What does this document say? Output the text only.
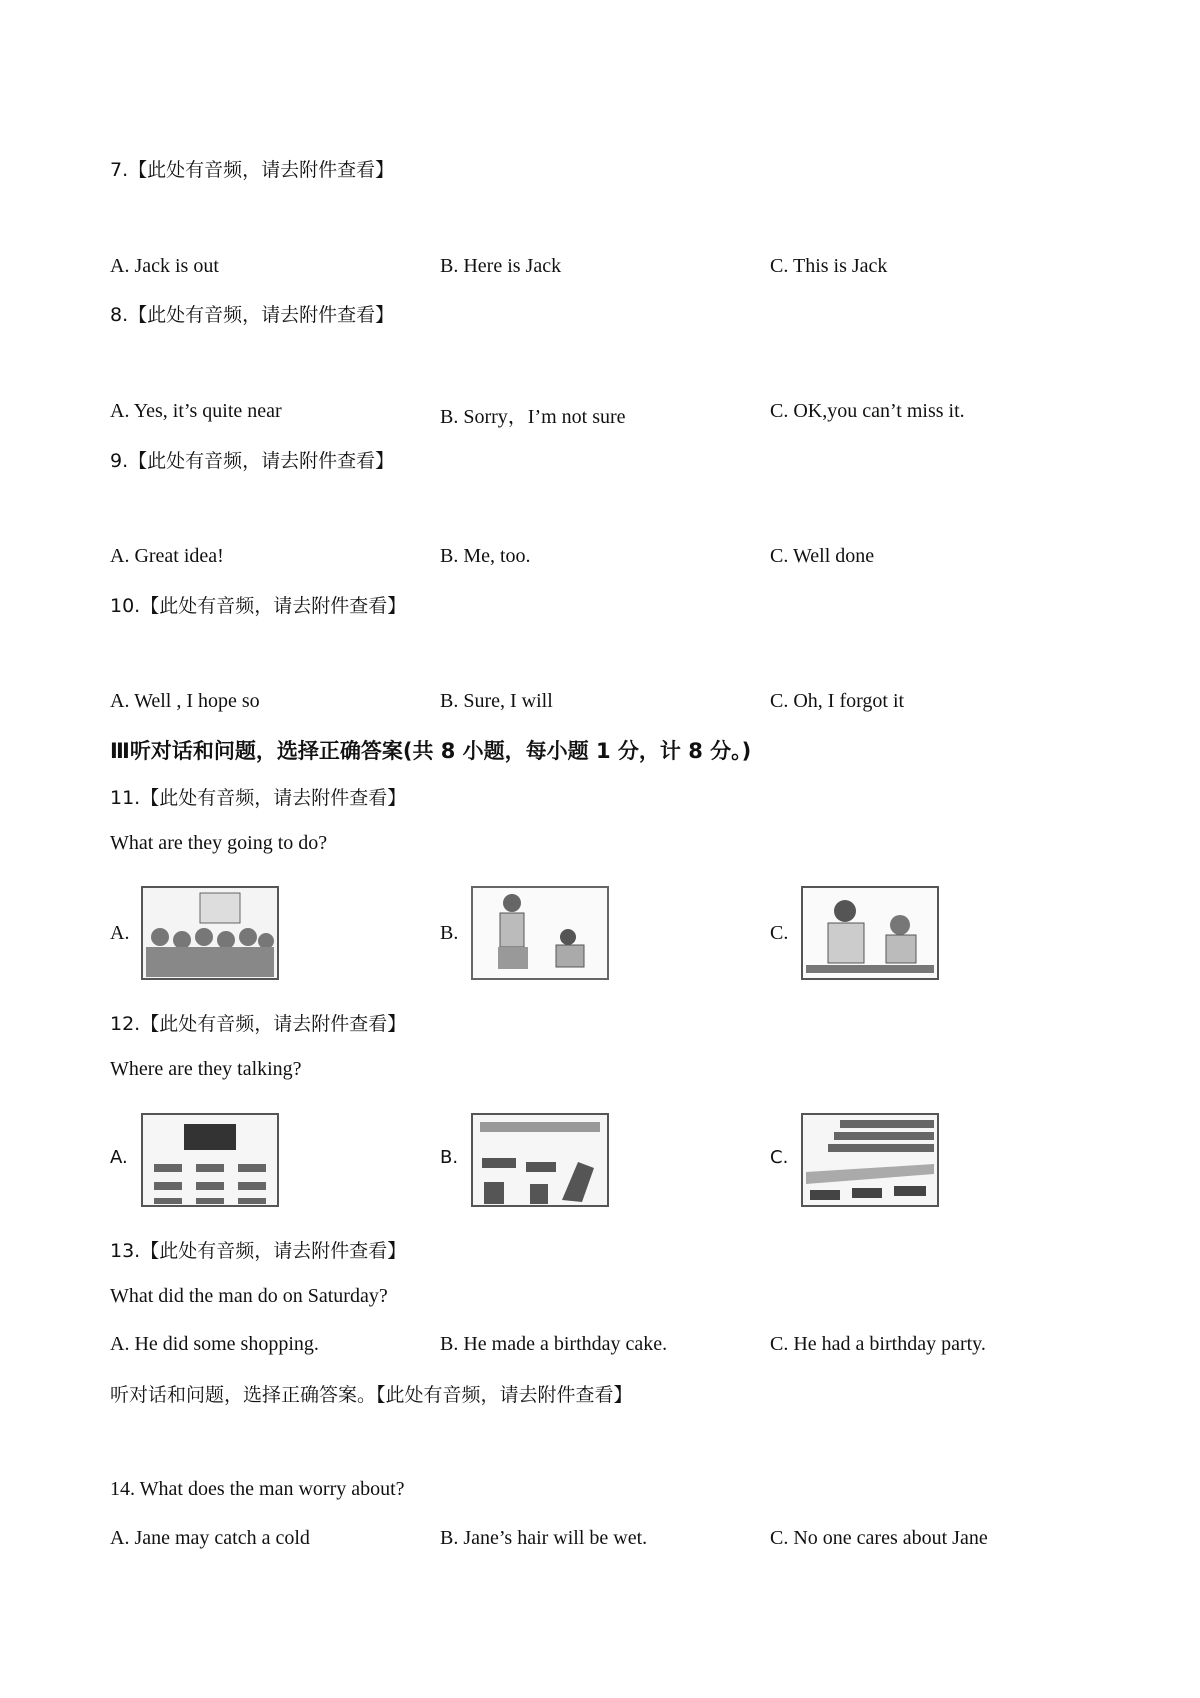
7.【此处有音频，请去附件查看】
A. Jack is out	B. Here is Jack	C. This is Jack
8.【此处有音频，请去附件查看】
A. Yes, it’s quite near	B. Sorry，I’m not sure	C. OK,you can’t miss it.
9.【此处有音频，请去附件查看】
A. Great idea!	B. Me, too.	C. Well done
10.【此处有音频，请去附件查看】
A. Well , I hope so	B. Sure, I will	C. Oh, I forgot it
Ⅲ听对话和问题，选择正确答案(共 8 小题，每小题 1 分，计 8 分。)
11.【此处有音频，请去附件查看】
What are they going to do?
A.	B.	C.
12.【此处有音频，请去附件查看】
Where are they talking?
A.	B.	C.
13.【此处有音频，请去附件查看】
What did the man do on Saturday?
A. He did some shopping.	B. He made a birthday cake.	C. He had a birthday party.
听对话和问题，选择正确答案。【此处有音频，请去附件查看】
14. What does the man worry about?
A. Jane may catch a cold	B. Jane’s hair will be wet.	C. No one cares about Jane
